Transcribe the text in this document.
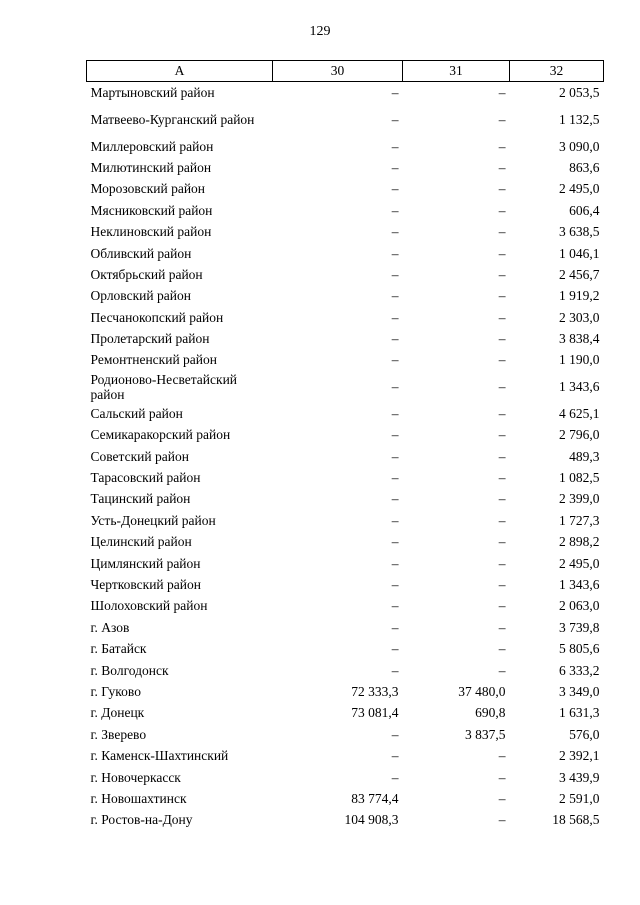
129
А	30	31	32
Мартыновский район	–	–	2 053,5
Матвеево-Курганский район	–	–	1 132,5
Миллеровский район	–	–	3 090,0
Милютинский район	–	–	863,6
Морозовский район	–	–	2 495,0
Мясниковский район	–	–	606,4
Неклиновский район	–	–	3 638,5
Обливский район	–	–	1 046,1
Октябрьский район	–	–	2 456,7
Орловский район	–	–	1 919,2
Песчанокопский район	–	–	2 303,0
Пролетарский район	–	–	3 838,4
Ремонтненский район	–	–	1 190,0
Родионово-Несветайский район	–	–	1 343,6
Сальский район	–	–	4 625,1
Семикаракорский район	–	–	2 796,0
Советский район	–	–	489,3
Тарасовский район	–	–	1 082,5
Тацинский район	–	–	2 399,0
Усть-Донецкий район	–	–	1 727,3
Целинский район	–	–	2 898,2
Цимлянский район	–	–	2 495,0
Чертковский район	–	–	1 343,6
Шолоховский район	–	–	2 063,0
г. Азов	–	–	3 739,8
г. Батайск	–	–	5 805,6
г. Волгодонск	–	–	6 333,2
г. Гуково	72 333,3	37 480,0	3 349,0
г. Донецк	73 081,4	690,8	1 631,3
г. Зверево	–	3 837,5	576,0
г. Каменск-Шахтинский	–	–	2 392,1
г. Новочеркасск	–	–	3 439,9
г. Новошахтинск	83 774,4	–	2 591,0
г. Ростов-на-Дону	104 908,3	–	18 568,5
